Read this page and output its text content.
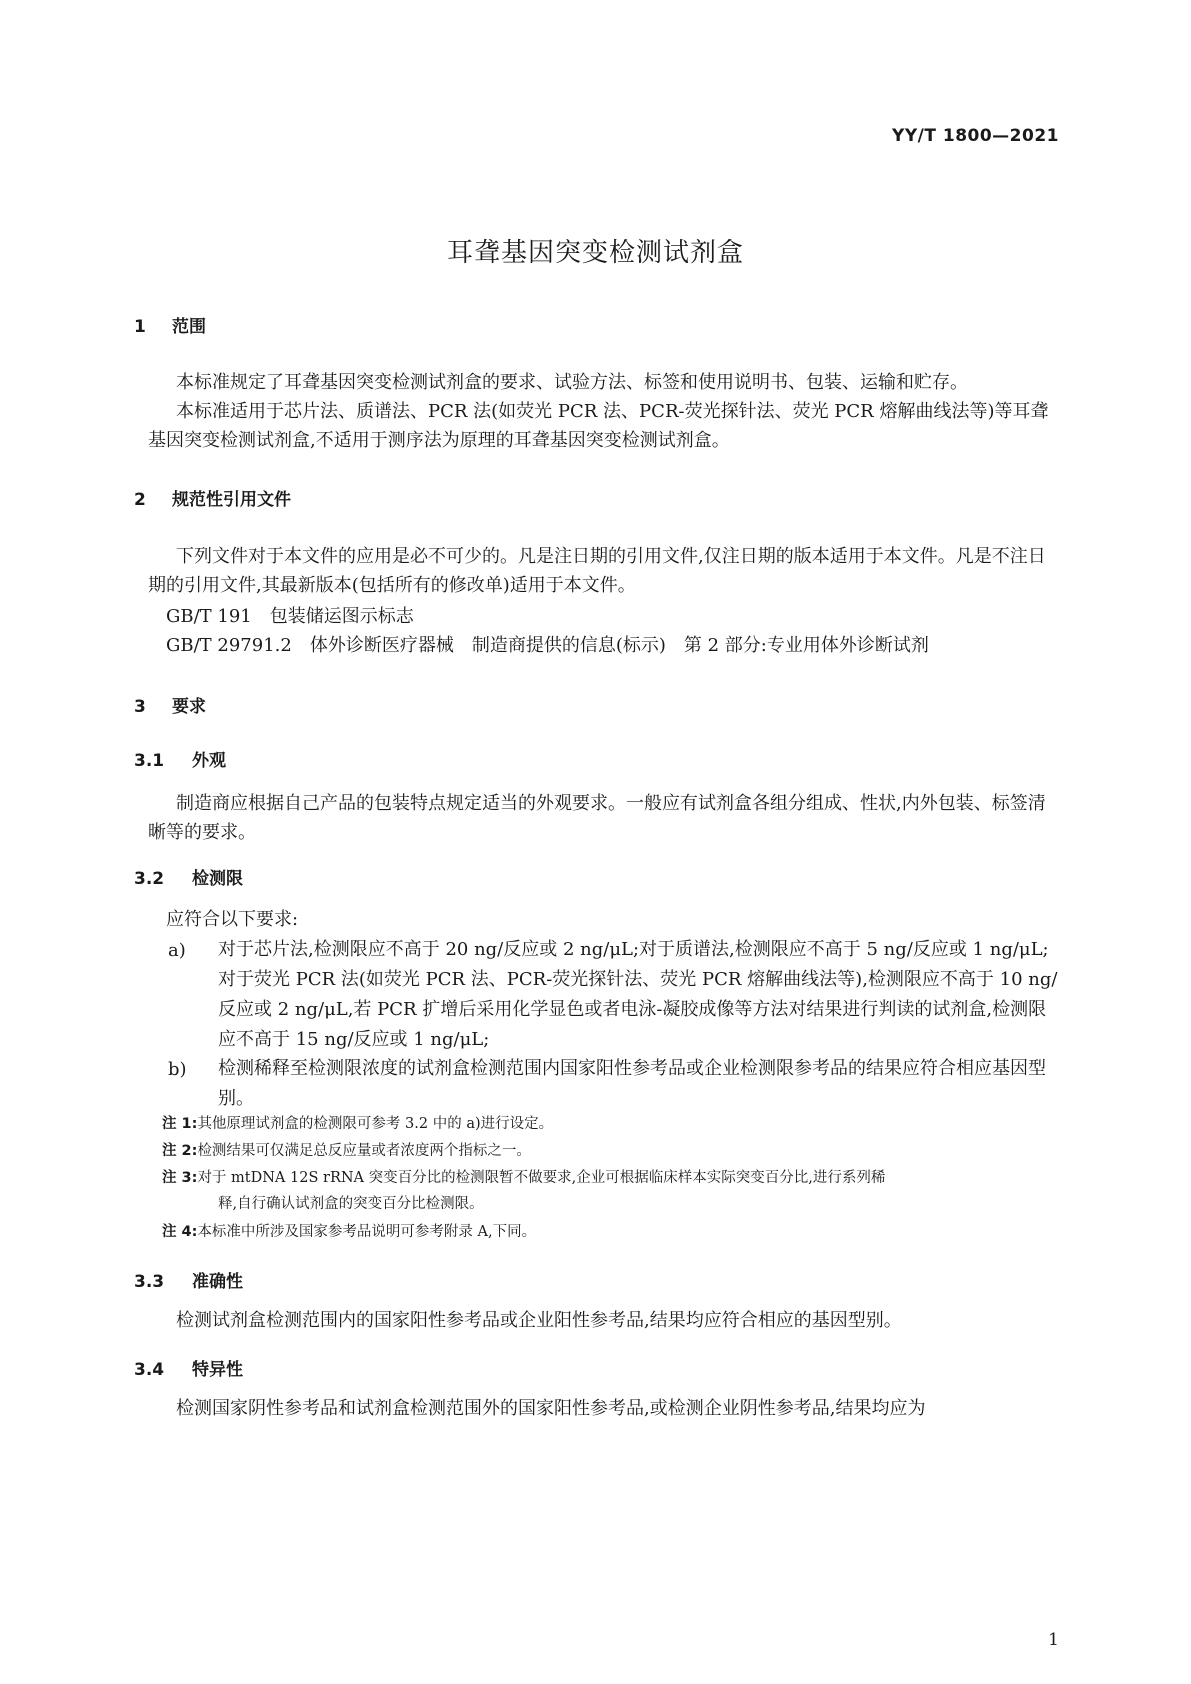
YY/T 1800—2021
耳聋基因突变检测试剂盒
1 范围

本标准规定了耳聋基因突变检测试剂盒的要求、试验方法、标签和使用说明书、包装、运输和贮存。

本标准适用于芯片法、质谱法、PCR 法(如荧光 PCR 法、PCR-荧光探针法、荧光 PCR 熔解曲线法等)等耳聋基因突变检测试剂盒,不适用于测序法为原理的耳聋基因突变检测试剂盒。

2 规范性引用文件

下列文件对于本文件的应用是必不可少的。凡是注日期的引用文件,仅注日期的版本适用于本文件。凡是不注日期的引用文件,其最新版本(包括所有的修改单)适用于本文件。

GB/T 191　包装储运图示标志
GB/T 29791.2　体外诊断医疗器械　制造商提供的信息(标示)　第 2 部分:专业用体外诊断试剂
3 要求
3.1 外观

制造商应根据自己产品的包装特点规定适当的外观要求。一般应有试剂盒各组分组成、性状,内外包装、标签清晰等的要求。

3.2 检测限
应符合以下要求:
a) 对于芯片法,检测限应不高于 20 ng/反应或 2 ng/μL;对于质谱法,检测限应不高于 5 ng/反应或 1 ng/μL;对于荧光 PCR 法(如荧光 PCR 法、PCR-荧光探针法、荧光 PCR 熔解曲线法等),检测限应不高于 10 ng/反应或 2 ng/μL,若 PCR 扩增后采用化学显色或者电泳-凝胶成像等方法对结果进行判读的试剂盒,检测限应不高于 15 ng/反应或 1 ng/μL;

b) 检测稀释至检测限浓度的试剂盒检测范围内国家阳性参考品或企业检测限参考品的结果应符合相应基因型别。

注 1:其他原理试剂盒的检测限可参考 3.2 中的 a)进行设定。
注 2:检测结果可仅满足总反应量或者浓度两个指标之一。
注 3:对于 mtDNA 12S rRNA 突变百分比的检测限暂不做要求,企业可根据临床样本实际突变百分比,进行系列稀

释,自行确认试剂盒的突变百分比检测限。

注 4:本标准中所涉及国家参考品说明可参考附录 A,下同。
3.3 准确性

检测试剂盒检测范围内的国家阳性参考品或企业阳性参考品,结果均应符合相应的基因型别。

3.4 特异性

检测国家阴性参考品和试剂盒检测范围外的国家阳性参考品,或检测企业阴性参考品,结果均应为

1
